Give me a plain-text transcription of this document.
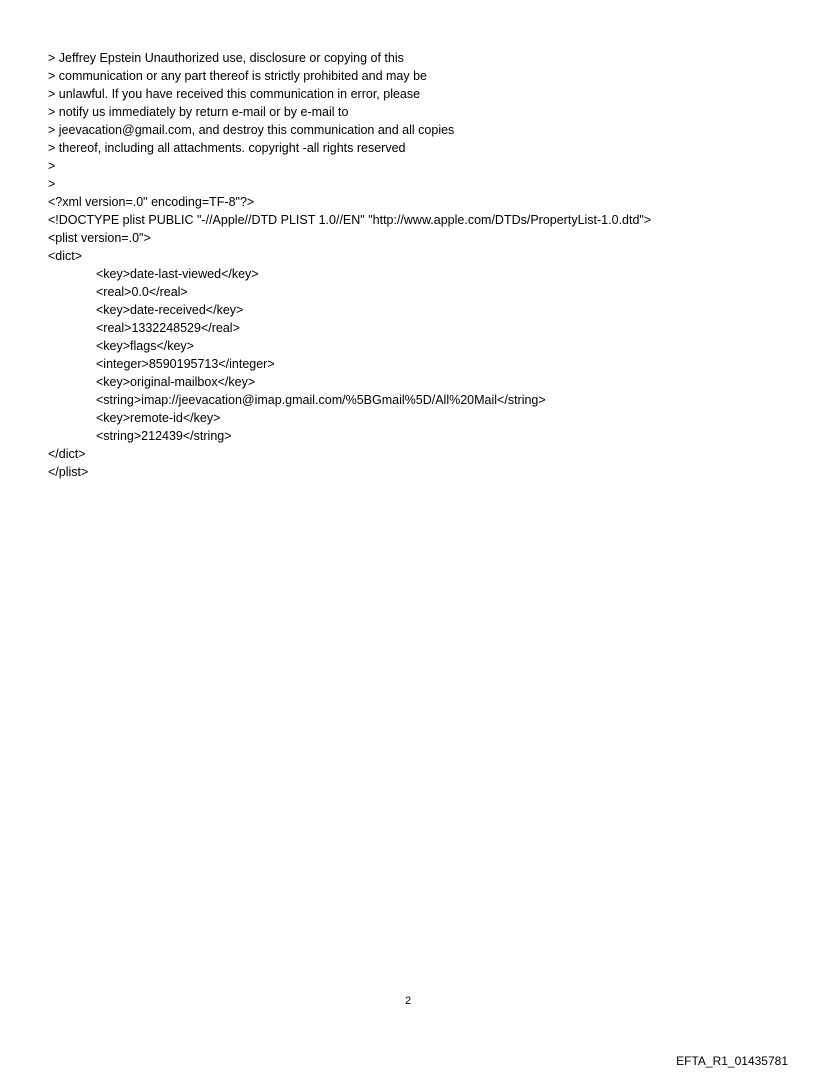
> Jeffrey Epstein Unauthorized use, disclosure or copying of this

> communication or any part thereof is strictly prohibited and may be

> unlawful. If you have received this communication in error, please

> notify us immediately by return e-mail or by e-mail to

> jeevacation@gmail.com, and destroy this communication and all copies

> thereof, including all attachments. copyright -all rights reserved

>

>

<?xml version=.0" encoding=TF-8"?>

<!DOCTYPE plist PUBLIC "-//Apple//DTD PLIST 1.0//EN" "http://www.apple.com/DTDs/PropertyList-1.0.dtd">

<plist version=.0">

<dict>

<key>date-last-viewed</key>

<real>0.0</real>

<key>date-received</key>

<real>1332248529</real>

<key>flags</key>

<integer>8590195713</integer>

<key>original-mailbox</key>

<string>imap://jeevacation@imap.gmail.com/%5BGmail%5D/All%20Mail</string>

<key>remote-id</key>

<string>212439</string>

</dict>

</plist>

2
EFTA_R1_01435781
